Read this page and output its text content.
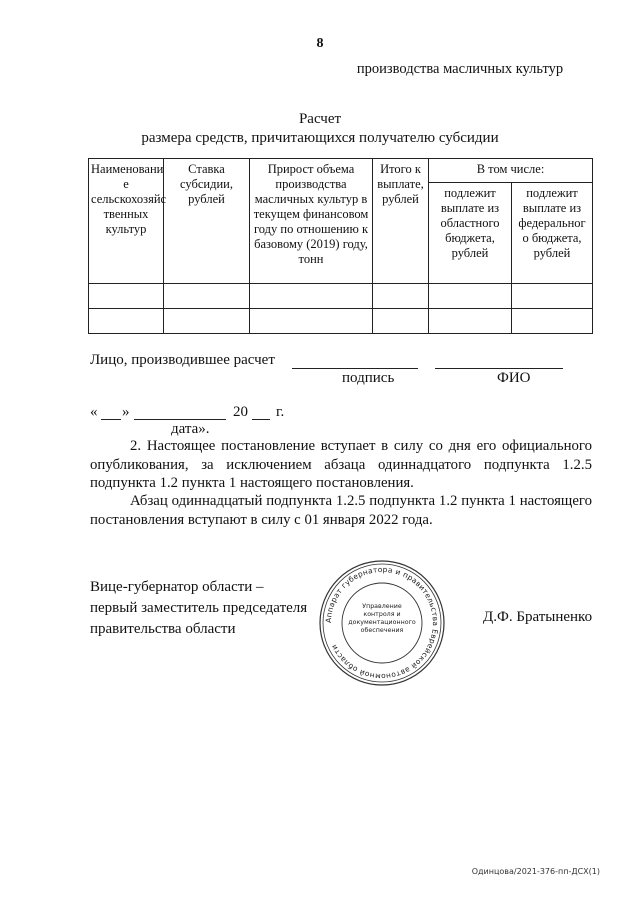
8
производства масличных культур
Расчет
размера средств, причитающихся получателю субсидии
Наименовани е сельскохозяйс твенных культур	Ставка субсидии, рублей	Прирост объема производства масличных культур в текущем финансовом году по отношению к базовому (2019) году, тонн	Итого к выплате, рублей	В том числе:	
				подлежит выплате из областного бюджета, рублей	подлежит выплате из федеральног о бюджета, рублей

Лицо, производившее расчет
подпись	ФИО
« »	20 г.
дата».
2. Настоящее постановление вступает в силу со дня его официального опубликования, за исключением абзаца одиннадцатого подпункта 1.2.5 подпункта 1.2 пункта 1 настоящего постановления.
Абзац одиннадцатый подпункта 1.2.5 подпункта 1.2 пункта 1 настоящего постановления вступают в силу с 01 января 2022 года.
Вице-губернатор области –
первый заместитель председателя
правительства области
Д.Ф. Братыненко
Аппарат губернатора и правительства Еврейской автономной области
Управление контроля и документационного обеспечения
Одинцова/2021-376-пп-ДСХ(1)
